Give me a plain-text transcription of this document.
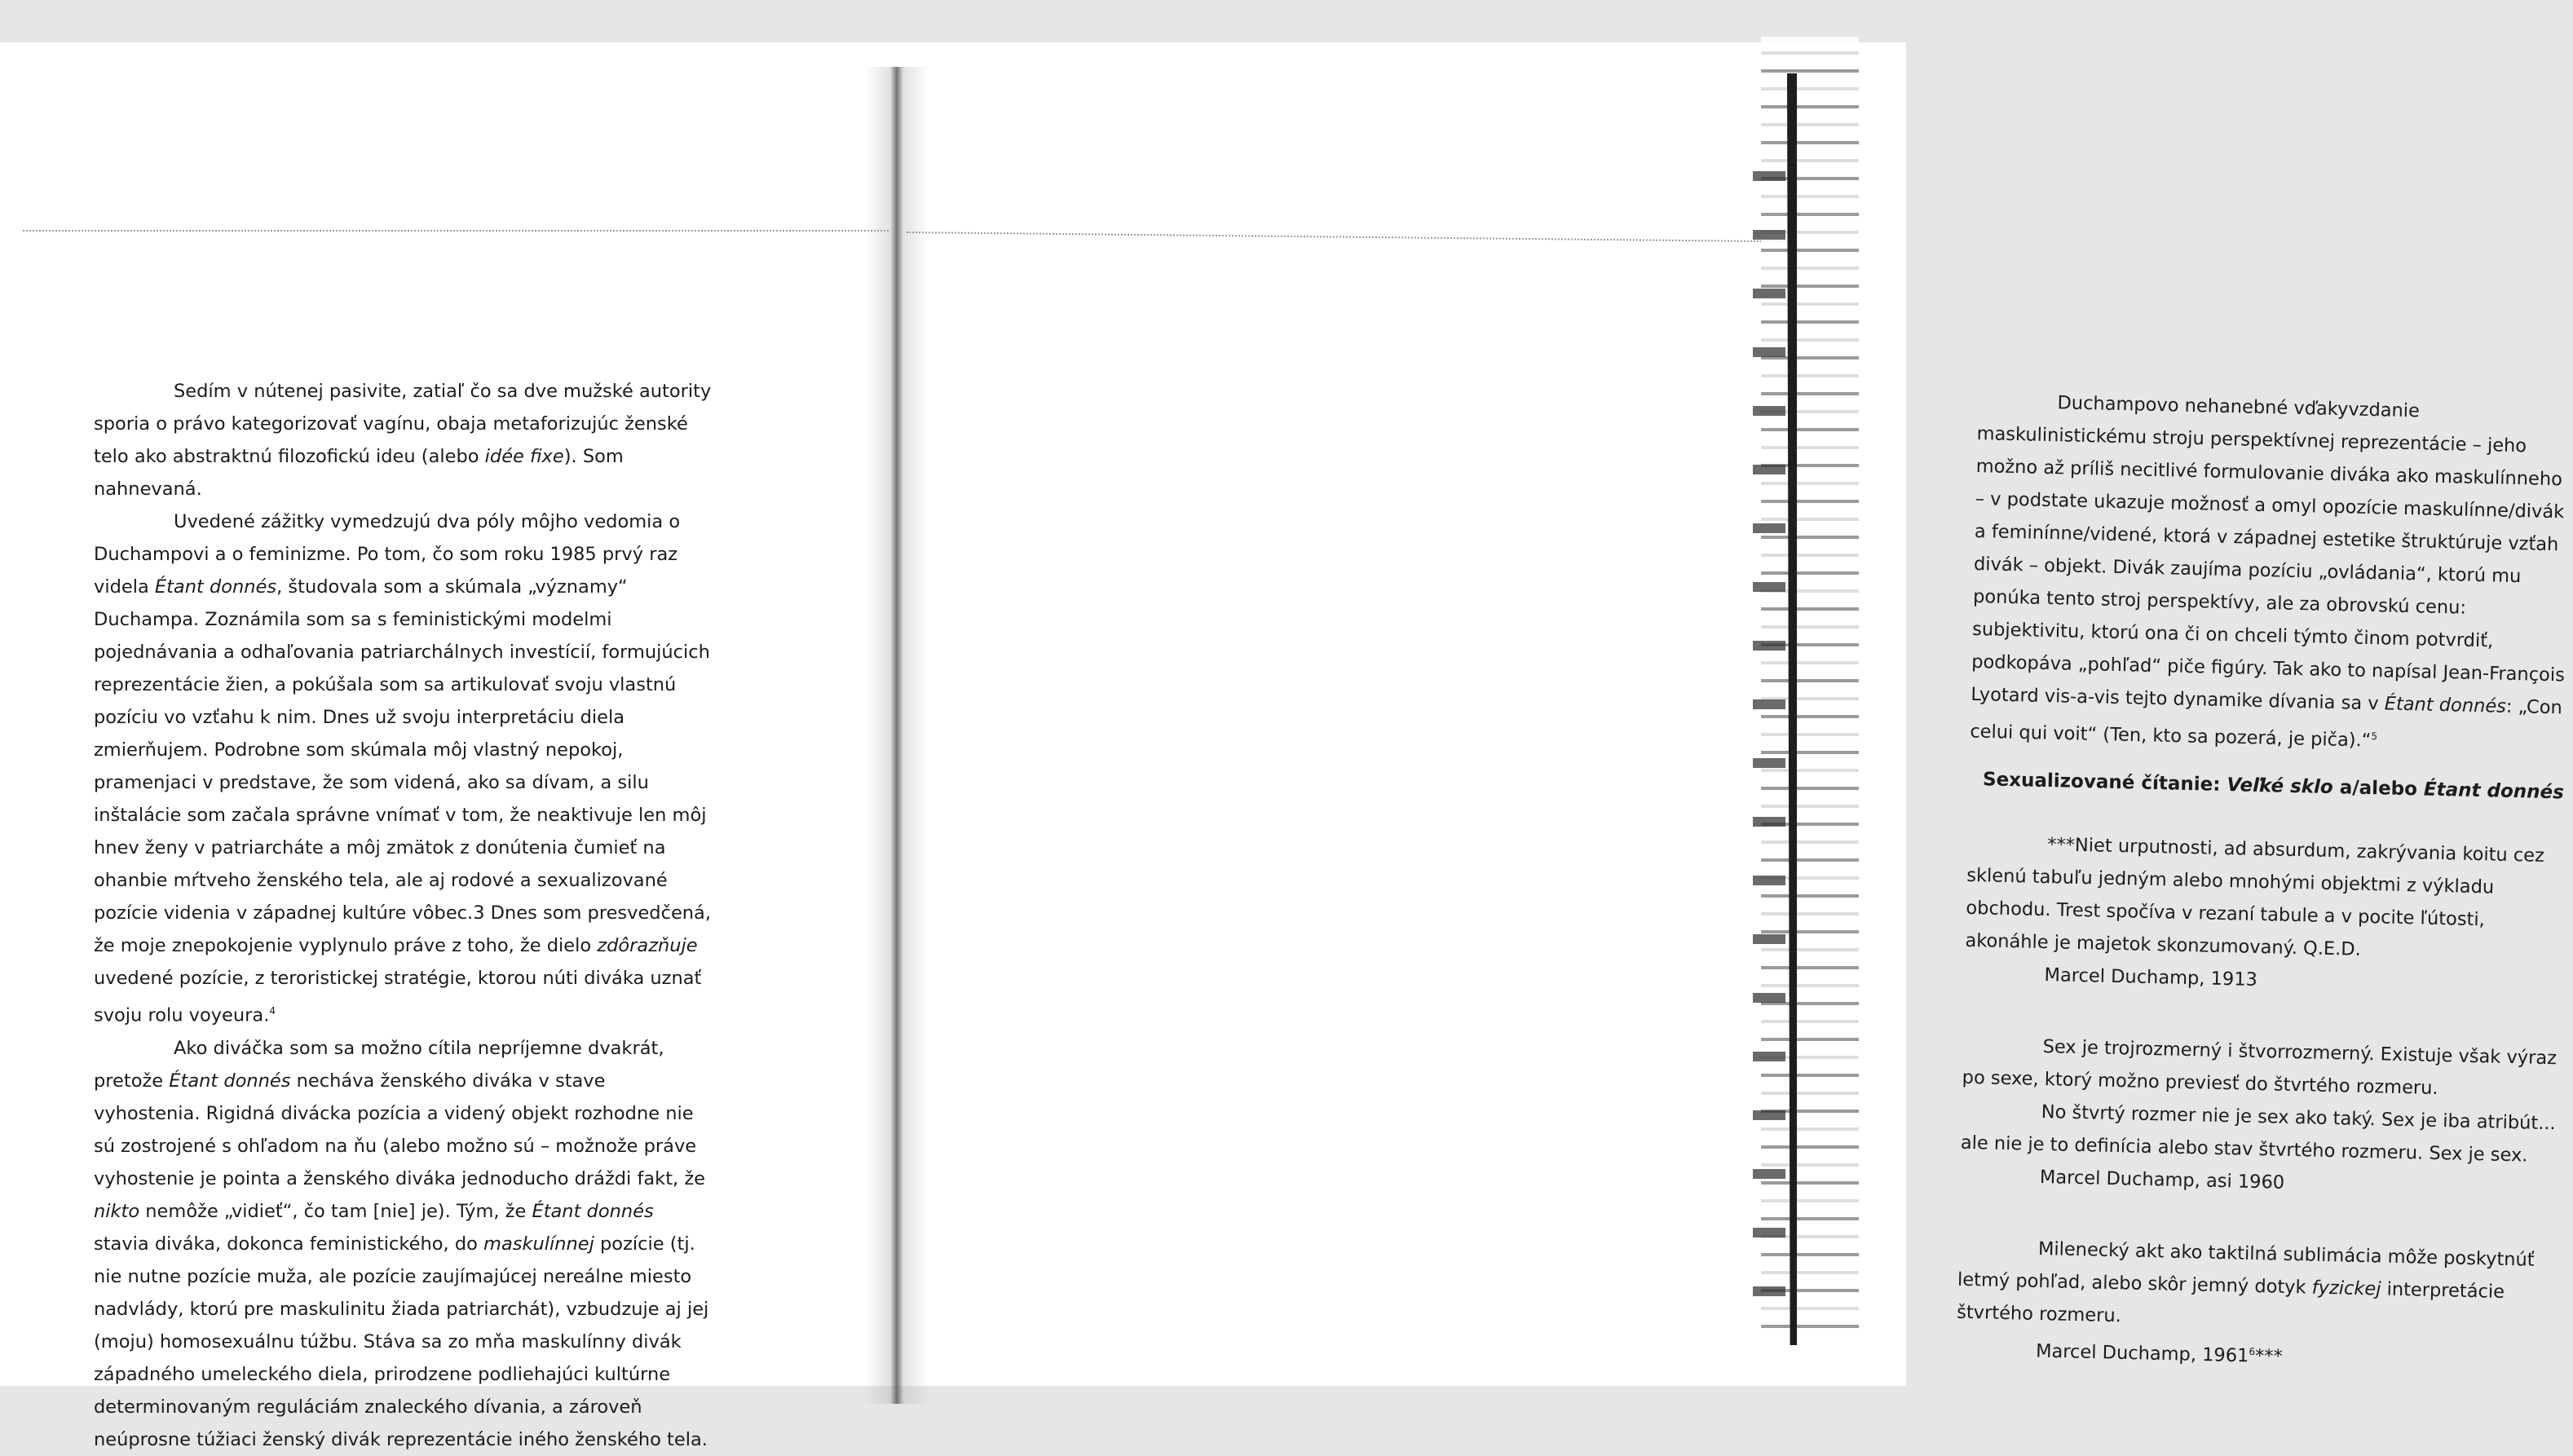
Sedím v nútenej pasivite, zatiaľ čo sa dve mužské autority sporia o právo kategorizovať vagínu, obaja metaforizujúc ženské telo ako abstraktnú filozofickú ideu (alebo idée fixe). Som nahnevaná.

Uvedené zážitky vymedzujú dva póly môjho vedomia o Duchampovi a o feminizme. Po tom, čo som roku 1985 prvý raz videla Étant donnés, študovala som a skúmala „významy“ Duchampa. Zoznámila som sa s feministickými modelmi pojednávania a odhaľovania patriarchálnych investícií, formujúcich reprezentácie žien, a pokúšala som sa artikulovať svoju vlastnú pozíciu vo vzťahu k nim. Dnes už svoju interpretáciu diela zmierňujem. Podrobne som skúmala môj vlastný nepokoj, pramenjaci v predstave, že som videná, ako sa dívam, a silu inštalácie som začala správne vnímať v tom, že neaktivuje len môj hnev ženy v patriarcháte a môj zmätok z donútenia čumieť na ohanbie mŕtveho ženského tela, ale aj rodové a sexualizované pozície videnia v západnej kultúre vôbec.3 Dnes som presvedčená, že moje znepokojenie vyplynulo práve z toho, že dielo zdôrazňuje uvedené pozície, z teroristickej stratégie, ktorou núti diváka uznať svoju rolu voyeura.$^4$

Ako diváčka som sa možno cítila nepríjemne dvakrát, pretože Étant donnés necháva ženského diváka v stave vyhostenia. Rigidná divácka pozícia a videný objekt rozhodne nie sú zostrojené s ohľadom na ňu (alebo možno sú – možnože práve vyhostenie je pointa a ženského diváka jednoducho dráždi fakt, že nikto nemôže „vidieť“, čo tam [nie] je). Tým, že Étant donnés stavia diváka, dokonca feministického, do maskulínnej pozície (tj. nie nutne pozície muža, ale pozície zaujímajúcej nereálne miesto nadvlády, ktorú pre maskulinitu žiada patriarchát), vzbudzuje aj jej (moju) homosexuálnu túžbu. Stáva sa zo mňa maskulínny divák západného umeleckého diela, prirodzene podliehajúci kultúrne determinovaným reguláciám znaleckého dívania, a zároveň neúprosne túžiaci ženský divák reprezentácie iného ženského tela.

Duchampovo nehanebné vďakyvzdanie maskulinistickému stroju perspektívnej reprezentácie – jeho možno až príliš necitlivé formulovanie diváka ako maskulínneho – v podstate ukazuje možnosť a omyl opozície maskulínne/divák a feminínne/videné, ktorá v západnej estetike štruktúruje vzťah divák – objekt. Divák zaujíma pozíciu „ovládania“, ktorú mu ponúka tento stroj perspektívy, ale za obrovskú cenu: subjektivitu, ktorú ona či on chceli týmto činom potvrdiť, podkopáva „pohľad“ piče figúry. Tak ako to napísal Jean-François Lyotard vis-a-vis tejto dynamike dívania sa v Étant donnés: „Con celui qui voit“ (Ten, kto sa pozerá, je piča).“$^5$

Sexualizované čítanie: Veľké sklo a/alebo Étant donnés

***Niet urputnosti, ad absurdum, zakrývania koitu cez sklenú tabuľu jedným alebo mnohými objektmi z výkladu obchodu. Trest spočíva v rezaní tabule a v pocite ľútosti, akonáhle je majetok skonzumovaný. Q.E.D.

Marcel Duchamp, 1913

Sex je trojrozmerný i štvorrozmerný. Existuje však výraz po sexe, ktorý možno previesť do štvrtého rozmeru.

No štvrtý rozmer nie je sex ako taký. Sex je iba atribút... ale nie je to definícia alebo stav štvrtého rozmeru. Sex je sex.

Marcel Duchamp, asi 1960

Milenecký akt ako taktilná sublimácia môže poskytnúť letmý pohľad, alebo skôr jemný dotyk fyzickej interpretácie štvrtého rozmeru.

Marcel Duchamp, 1961$^6$***
